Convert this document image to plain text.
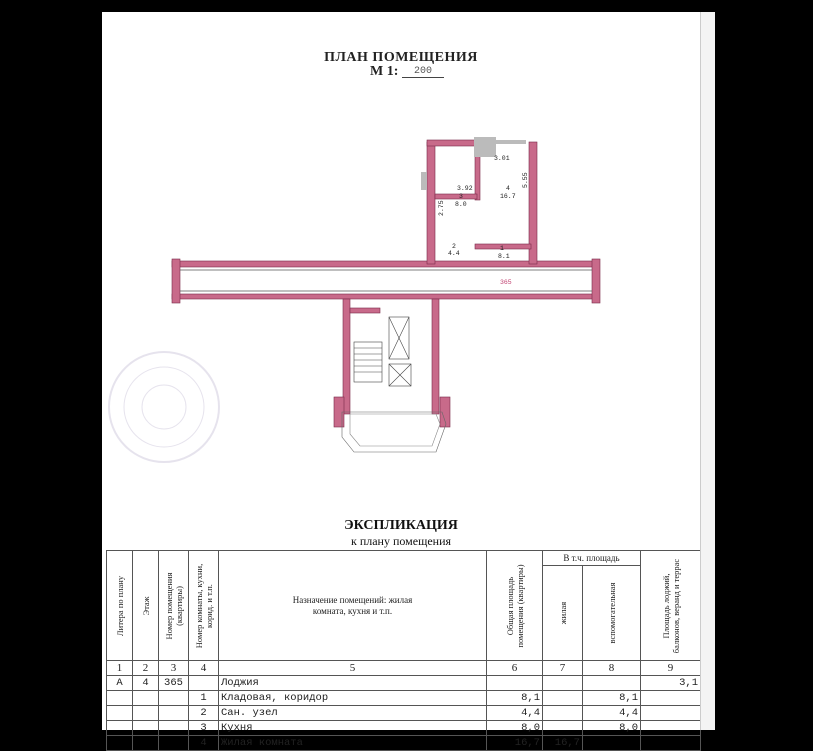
ПЛАН ПОМЕЩЕНИЯ
М 1:	200
3.92
3
8.0
2.75
3.01
4
16.7
5.55
2
4.4
1
8.1
365
ЭКСПЛИКАЦИЯ
к плану помещения
Литера по плану	Этаж	Номер помещения (квартиры)	Номер комнаты, кухни, корид. и т.п.	Назначение помещений: жилая комната, кухня и т.п.	Общая площадь помещения (квартиры)	В т.ч. площадь		Площадь лоджий, балконов, веранд и террас

						жилая	вспомогательная	

1	2	3	4	5	6	7	8	9
А	4	365		Лоджия				3,1
			1	Кладовая, коридор	8,1		8,1	
			2	Сан. узел	4,4		4,4	
			3	Кухня	8,0		8,0	
			4	Жилая комната	16,7	16,7		
